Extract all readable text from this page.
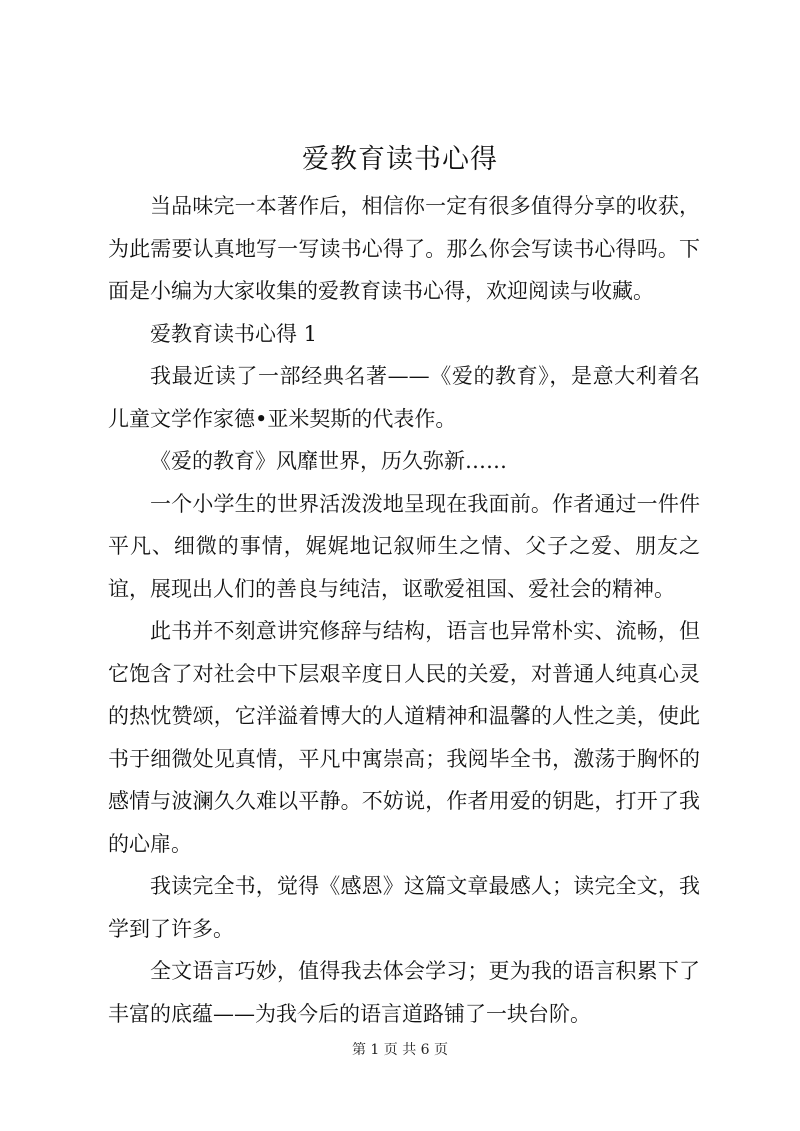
爱教育读书心得

当品味完一本著作后，相信你一定有很多值得分享的收获，为此需要认真地写一写读书心得了。那么你会写读书心得吗。下面是小编为大家收集的爱教育读书心得，欢迎阅读与收藏。

爱教育读书心得 1

我最近读了一部经典名著——《爱的教育》，是意大利着名儿童文学作家德•亚米契斯的代表作。

《爱的教育》风靡世界，历久弥新……

一个小学生的世界活泼泼地呈现在我面前。作者通过一件件平凡、细微的事情，娓娓地记叙师生之情、父子之爱、朋友之谊，展现出人们的善良与纯洁，讴歌爱祖国、爱社会的精神。

此书并不刻意讲究修辞与结构，语言也异常朴实、流畅，但它饱含了对社会中下层艰辛度日人民的关爱，对普通人纯真心灵的热忱赞颂，它洋溢着博大的人道精神和温馨的人性之美，使此书于细微处见真情，平凡中寓崇高；我阅毕全书，激荡于胸怀的感情与波澜久久难以平静。不妨说，作者用爱的钥匙，打开了我的心扉。

我读完全书，觉得《感恩》这篇文章最感人；读完全文，我学到了许多。

全文语言巧妙，值得我去体会学习；更为我的语言积累下了丰富的底蕴——为我今后的语言道路铺了一块台阶。

第 1 页 共 6 页
